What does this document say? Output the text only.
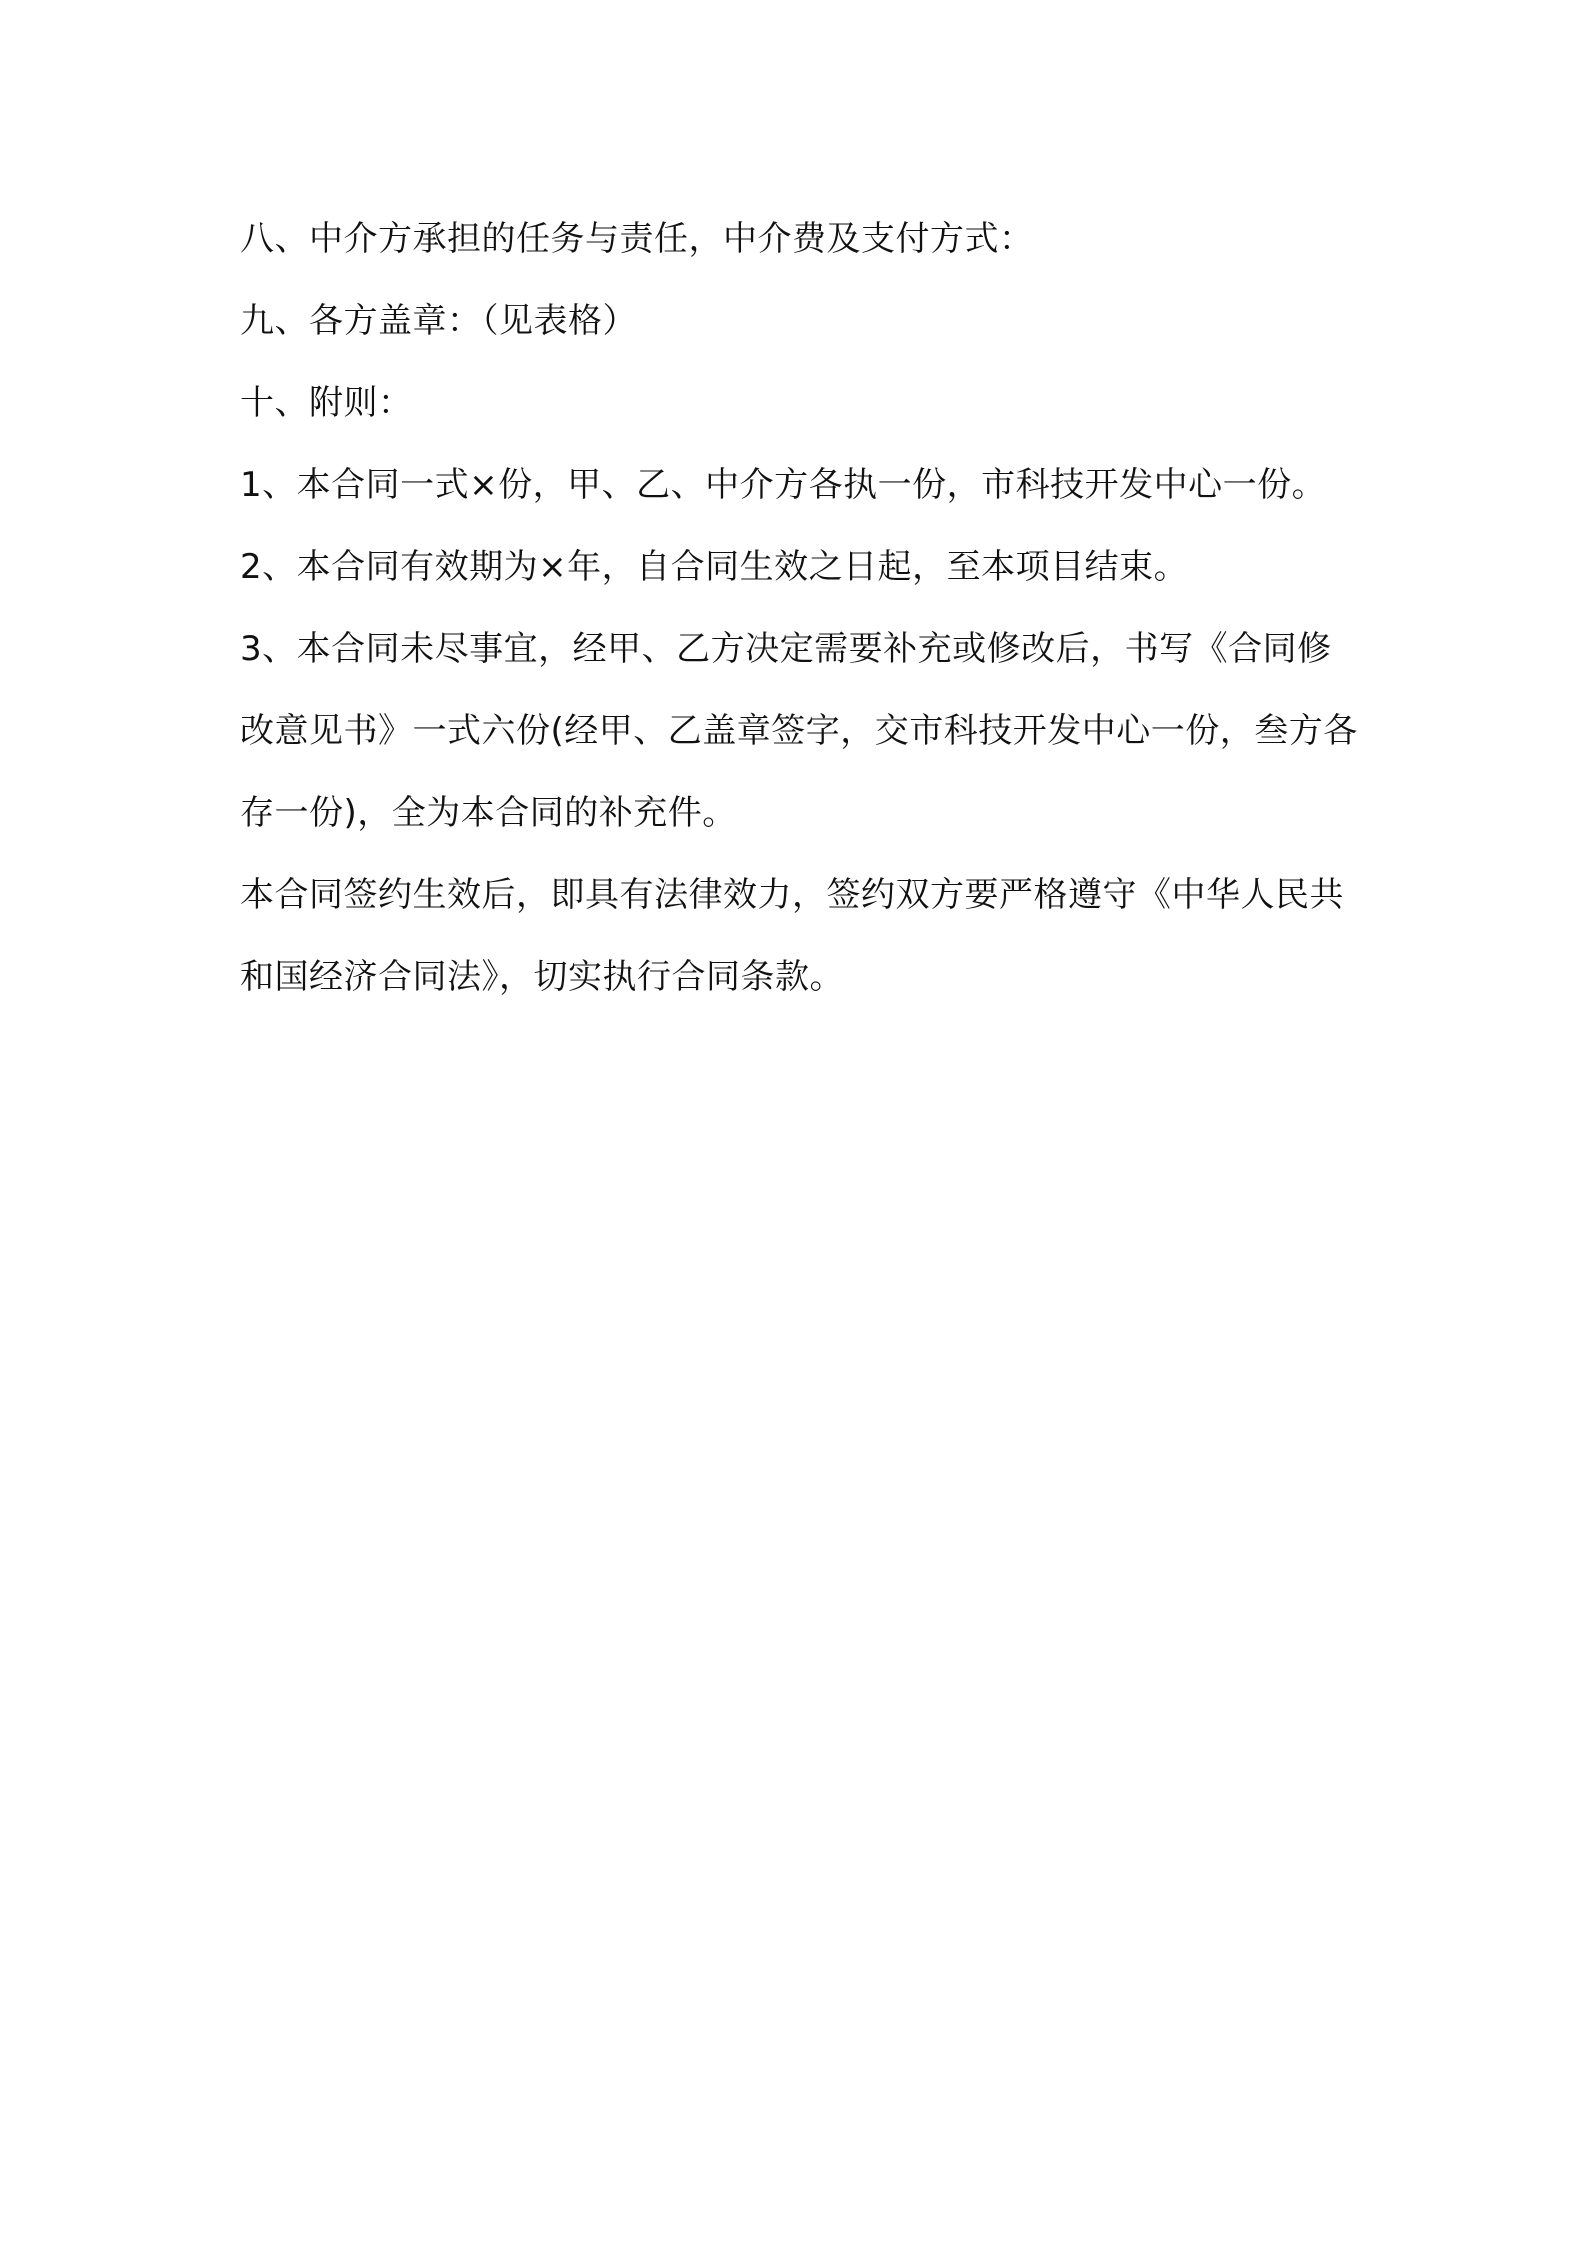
八、中介方承担的任务与责任，中介费及支付方式：

九、各方盖章：（见表格）

十、附则：

1、本合同一式×份，甲、乙、中介方各执一份，市科技开发中心一份。

2、本合同有效期为×年，自合同生效之日起，至本项目结束。

3、本合同未尽事宜，经甲、乙方决定需要补充或修改后，书写《合同修改意见书》一式六份(经甲、乙盖章签字，交市科技开发中心一份，叁方各存一份)，全为本合同的补充件。

本合同签约生效后，即具有法律效力，签约双方要严格遵守《中华人民共和国经济合同法》，切实执行合同条款。
